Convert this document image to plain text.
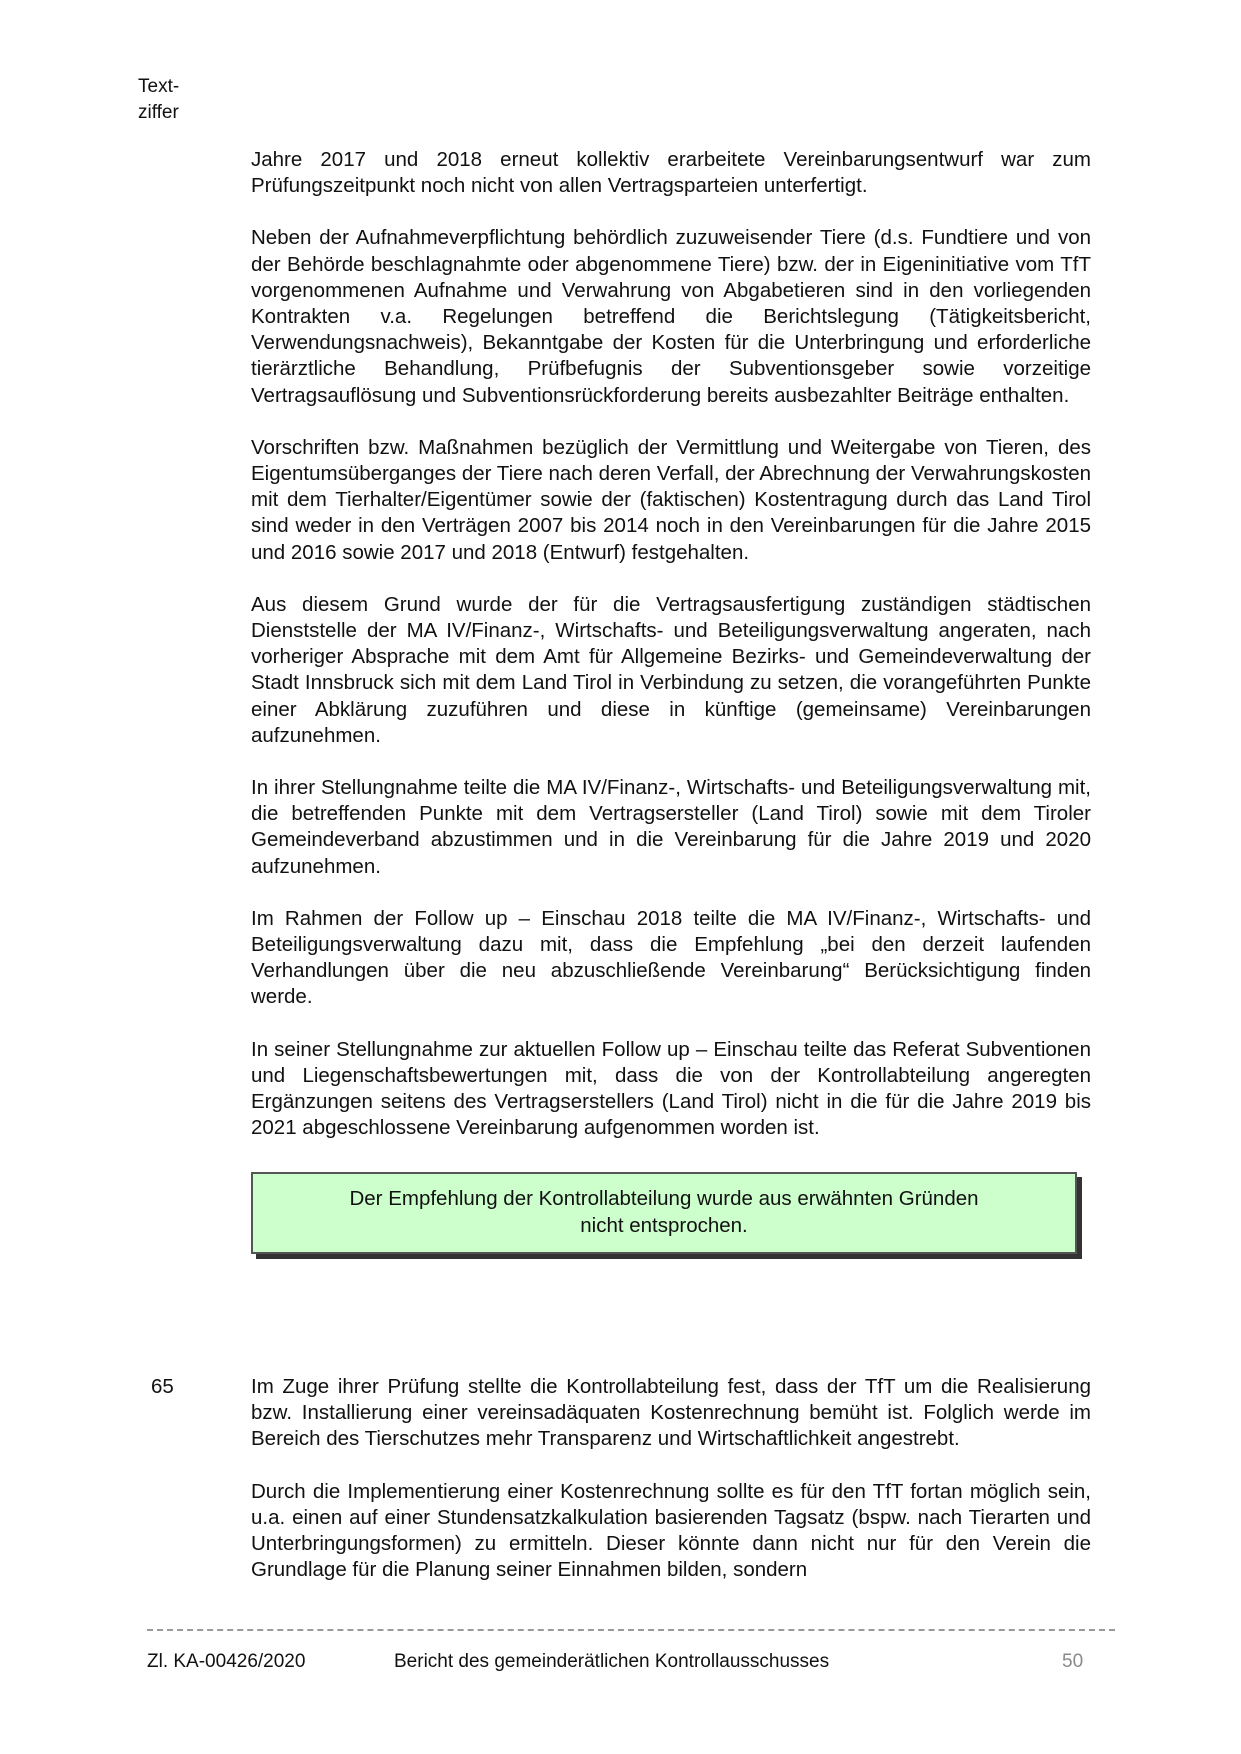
Text-
ziffer

Jahre 2017 und 2018 erneut kollektiv erarbeitete Vereinbarungsentwurf war zum Prüfungszeitpunkt noch nicht von allen Vertragsparteien unterfertigt.

Neben der Aufnahmeverpflichtung behördlich zuzuweisender Tiere (d.s. Fundtiere und von der Behörde beschlagnahmte oder abgenommene Tiere) bzw. der in Eigeninitiative vom TfT vorgenommenen Aufnahme und Verwahrung von Abgabetieren sind in den vorliegenden Kontrakten v.a. Regelungen betreffend die Berichtslegung (Tätigkeitsbericht, Verwendungsnachweis), Bekanntgabe der Kosten für die Unterbringung und erforderliche tierärztliche Behandlung, Prüfbefugnis der Subventionsgeber sowie vorzeitige Vertragsauflösung und Subventionsrückforderung bereits ausbezahlter Beiträge enthalten.

Vorschriften bzw. Maßnahmen bezüglich der Vermittlung und Weitergabe von Tieren, des Eigentumsüberganges der Tiere nach deren Verfall, der Abrechnung der Verwahrungskosten mit dem Tierhalter/Eigentümer sowie der (faktischen) Kostentragung durch das Land Tirol sind weder in den Verträgen 2007 bis 2014 noch in den Vereinbarungen für die Jahre 2015 und 2016 sowie 2017 und 2018 (Entwurf) festgehalten.

Aus diesem Grund wurde der für die Vertragsausfertigung zuständigen städtischen Dienststelle der MA IV/Finanz-, Wirtschafts- und Beteiligungsverwaltung angeraten, nach vorheriger Absprache mit dem Amt für Allgemeine Bezirks- und Gemeindeverwaltung der Stadt Innsbruck sich mit dem Land Tirol in Verbindung zu setzen, die vorangeführten Punkte einer Abklärung zuzuführen und diese in künftige (gemeinsame) Vereinbarungen aufzunehmen.

In ihrer Stellungnahme teilte die MA IV/Finanz-, Wirtschafts- und Beteiligungsverwaltung mit, die betreffenden Punkte mit dem Vertragsersteller (Land Tirol) sowie mit dem Tiroler Gemeindeverband abzustimmen und in die Vereinbarung für die Jahre 2019 und 2020 aufzunehmen.

Im Rahmen der Follow up – Einschau 2018 teilte die MA IV/Finanz-, Wirtschafts- und Beteiligungsverwaltung dazu mit, dass die Empfehlung „bei den derzeit laufenden Verhandlungen über die neu abzuschließende Vereinbarung“ Berücksichtigung finden werde.

In seiner Stellungnahme zur aktuellen Follow up – Einschau teilte das Referat Subventionen und Liegenschaftsbewertungen mit, dass die von der Kontrollabteilung angeregten Ergänzungen seitens des Vertragserstellers (Land Tirol) nicht in die für die Jahre 2019 bis 2021 abgeschlossene Vereinbarung aufgenommen worden ist.

Der Empfehlung der Kontrollabteilung wurde aus erwähnten Gründen
nicht entsprochen.
65	Im Zuge ihrer Prüfung stellte die Kontrollabteilung fest, dass der TfT um die Realisierung bzw. Installierung einer vereinsadäquaten Kostenrechnung bemüht ist. Folglich werde im Bereich des Tierschutzes mehr Transparenz und Wirtschaftlichkeit angestrebt.

Durch die Implementierung einer Kostenrechnung sollte es für den TfT fortan möglich sein, u.a. einen auf einer Stundensatzkalkulation basierenden Tagsatz (bspw. nach Tierarten und Unterbringungsformen) zu ermitteln. Dieser könnte dann nicht nur für den Verein die Grundlage für die Planung seiner Einnahmen bilden, sondern

Zl. KA-00426/2020	Bericht des gemeinderätlichen Kontrollausschusses	50
